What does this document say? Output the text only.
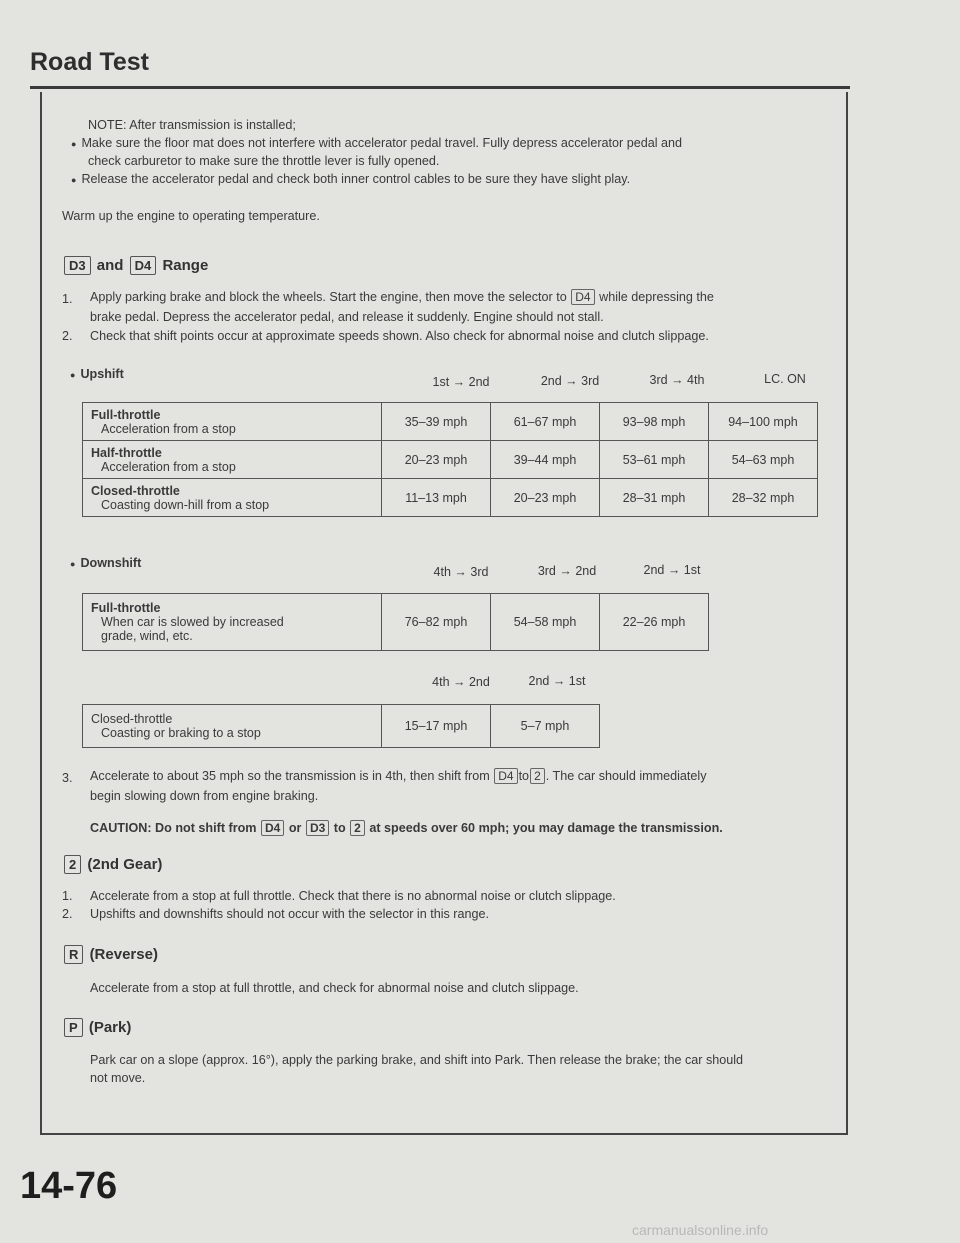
Road Test
NOTE: After transmission is installed;
● Make sure the floor mat does not interfere with accelerator pedal travel. Fully depress accelerator pedal and
check carburetor to make sure the throttle lever is fully opened.
● Release the accelerator pedal and check both inner control cables to be sure they have slight play.
Warm up the engine to operating temperature.
D3 and D4 Range
1. Apply parking brake and block the wheels. Start the engine, then move the selector to D4 while depressing the
brake pedal. Depress the accelerator pedal, and release it suddenly. Engine should not stall.
2. Check that shift points occur at approximate speeds shown. Also check for abnormal noise and clutch slippage.
● Upshift
1st → 2nd	2nd → 3rd	3rd → 4th	LC. ON
Full-throttle
Acceleration from a stop	35–39 mph	61–67 mph	93–98 mph	94–100 mph

Half-throttle
Acceleration from a stop	20–23 mph	39–44 mph	53–61 mph	54–63 mph

Closed-throttle
Coasting down-hill from a stop	11–13 mph	20–23 mph	28–31 mph	28–32 mph
● Downshift
4th → 3rd	3rd → 2nd	2nd → 1st
Full-throttle
When car is slowed by increased
grade, wind, etc.
	76–82 mph	54–58 mph	22–26 mph
4th → 2nd	2nd → 1st
Closed-throttle
Coasting or braking to a stop	15–17 mph	5–7 mph
3. Accelerate to about 35 mph so the transmission is in 4th, then shift from D4 to 2 . The car should immediately
begin slowing down from engine braking.
CAUTION: Do not shift from D4 or D3 to 2 at speeds over 60 mph; you may damage the transmission.
2 (2nd Gear)
1. Accelerate from a stop at full throttle. Check that there is no abnormal noise or clutch slippage.
2. Upshifts and downshifts should not occur with the selector in this range.
R (Reverse)
Accelerate from a stop at full throttle, and check for abnormal noise and clutch slippage.
P (Park)
Park car on a slope (approx. 16°), apply the parking brake, and shift into Park. Then release the brake; the car should
not move.
14-76
carmanualsonline.info
